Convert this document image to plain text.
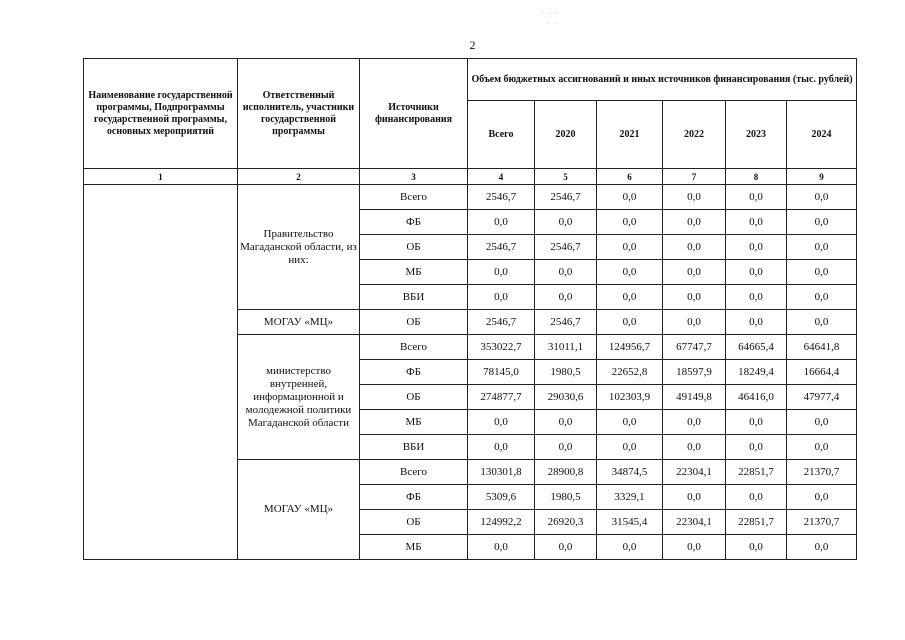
⋅ ⋅ ⋅
⋅ ⋅
2
Наименование государственной программы, Подпрограммы государственной программы, основных мероприятий	Ответственный исполнитель, участники государственной программы	Источники финансирования	Объем бюджетных ассигнований и иных источников финансирования (тыс. рублей)					
			Всего	2020	2021	2022	2023	2024
1	2	3	4	5	6	7	8	9
	Правительство Магаданской области, из них:	Всего	2546,7	2546,7	0,0	0,0	0,0	0,0
		ФБ	0,0	0,0	0,0	0,0	0,0	0,0
		ОБ	2546,7	2546,7	0,0	0,0	0,0	0,0
		МБ	0,0	0,0	0,0	0,0	0,0	0,0
		ВБИ	0,0	0,0	0,0	0,0	0,0	0,0
	МОГАУ «МЦ»	ОБ	2546,7	2546,7	0,0	0,0	0,0	0,0
	министерство внутренней, информационной и молодежной политики Магаданской области	Всего	353022,7	31011,1	124956,7	67747,7	64665,4	64641,8
		ФБ	78145,0	1980,5	22652,8	18597,9	18249,4	16664,4
		ОБ	274877,7	29030,6	102303,9	49149,8	46416,0	47977,4
		МБ	0,0	0,0	0,0	0,0	0,0	0,0
		ВБИ	0,0	0,0	0,0	0,0	0,0	0,0
	МОГАУ «МЦ»	Всего	130301,8	28900,8	34874,5	22304,1	22851,7	21370,7
		ФБ	5309,6	1980,5	3329,1	0,0	0,0	0,0
		ОБ	124992,2	26920,3	31545,4	22304,1	22851,7	21370,7
		МБ	0,0	0,0	0,0	0,0	0,0	0,0
